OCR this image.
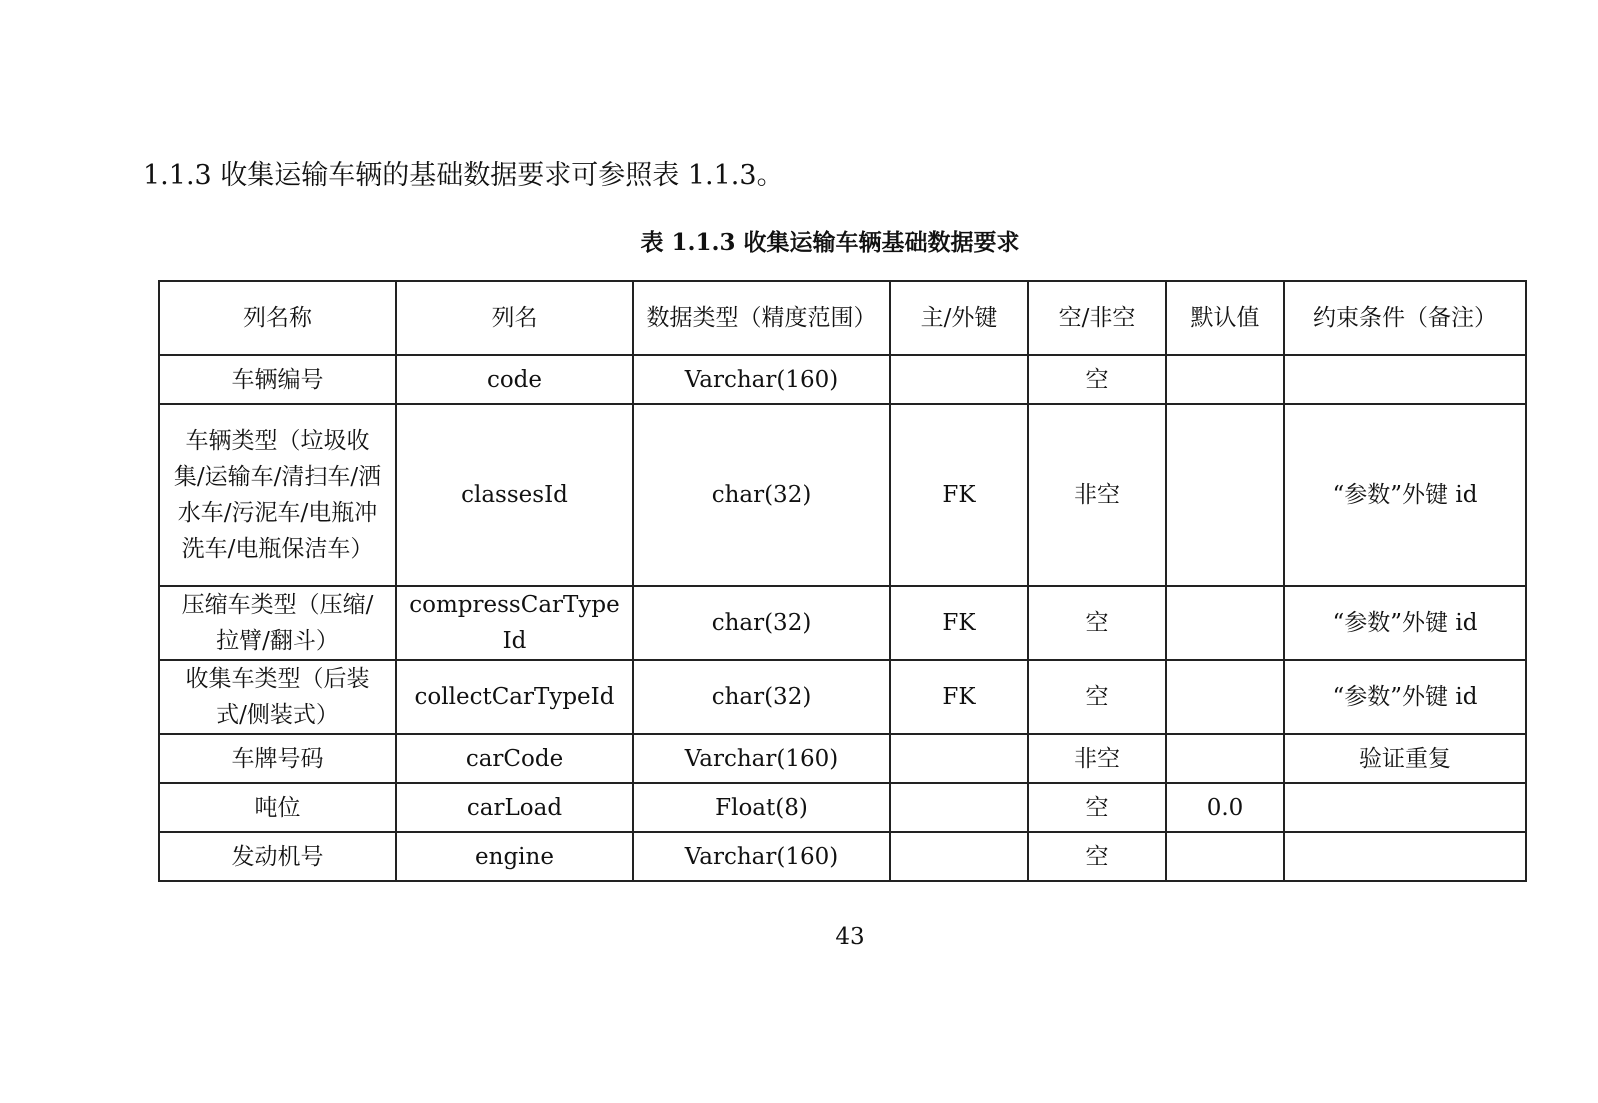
1.1.3 收集运输车辆的基础数据要求可参照表 1.1.3。
表 1.1.3 收集运输车辆基础数据要求
列名称	列名	数据类型（精度范围）	主/外键	空/非空	默认值	约束条件（备注）
车辆编号	code	Varchar(160)		空		
车辆类型（垃圾收集/运输车/清扫车/洒水车/污泥车/电瓶冲洗车/电瓶保洁车）	classesId	char(32)	FK	非空		“参数”外键 id
压缩车类型（压缩/拉臂/翻斗）	compressCarTypeId	char(32)	FK	空		“参数”外键 id
收集车类型（后装式/侧装式）	collectCarTypeId	char(32)	FK	空		“参数”外键 id
车牌号码	carCode	Varchar(160)		非空		验证重复
吨位	carLoad	Float(8)		空	0.0	
发动机号	engine	Varchar(160)		空		
43
